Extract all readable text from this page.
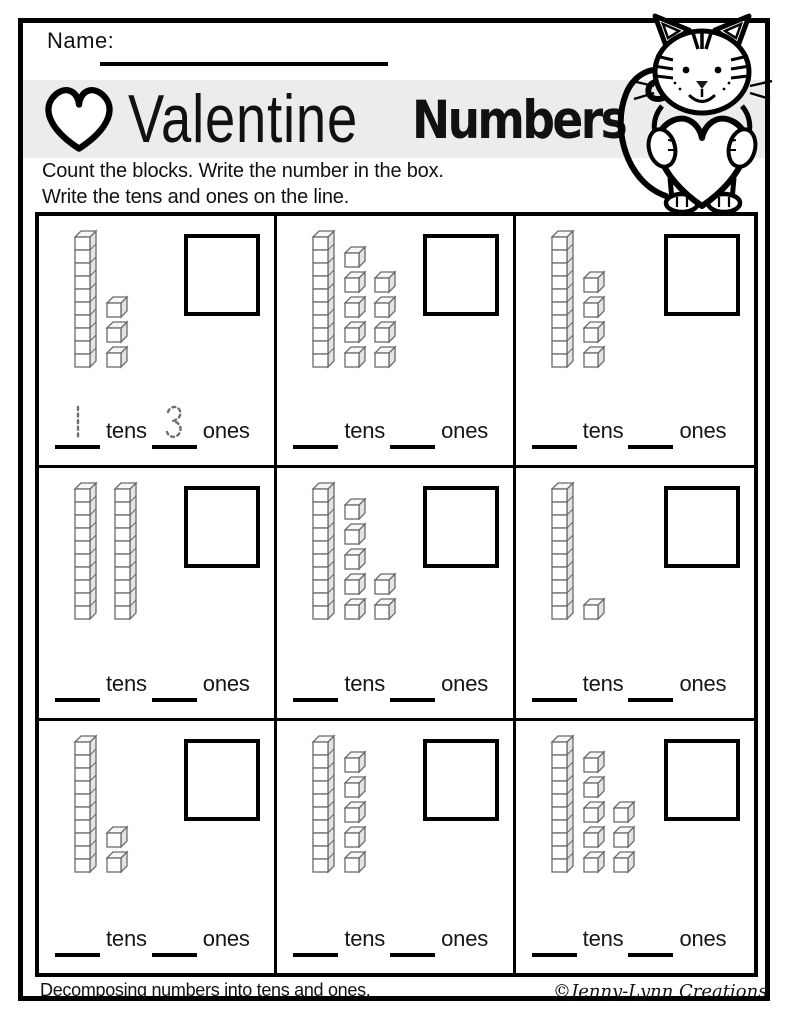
Name:
Valentine Numbers
Count the blocks. Write the number in the box.
Write the tens and ones on the line.
tens	ones	tens	ones	tens	ones
tens	ones	tens	ones	tens	ones
tens	ones	tens	ones	tens	ones
Decomposing numbers into tens and ones.	©Jenny-Lynn Creations
